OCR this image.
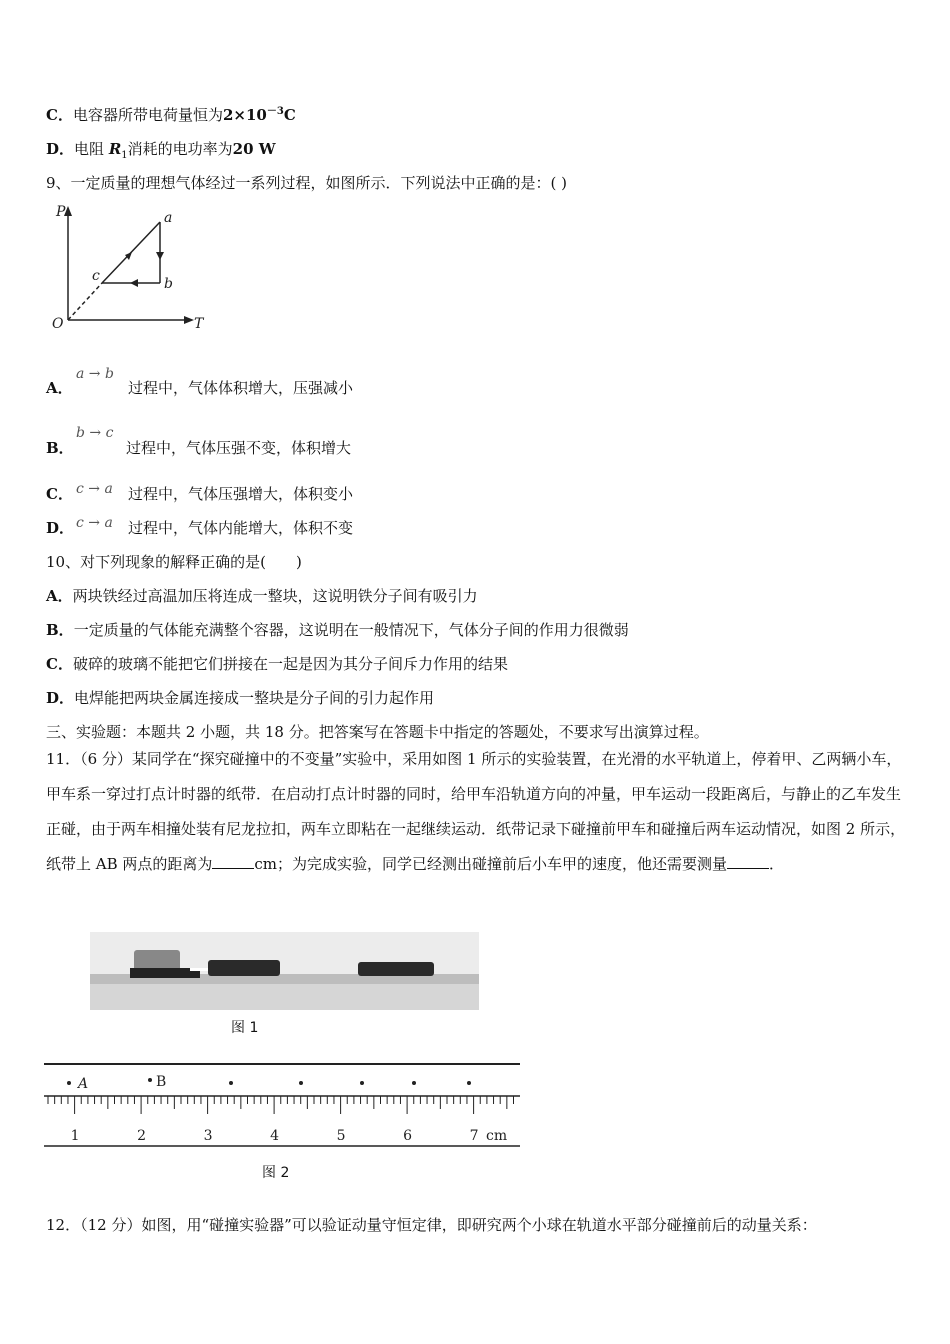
C．电容器所带电荷量恒为$2\times 10^{-3}C$
D．电阻 $R_1$消耗的电功率为20 W
9、一定质量的理想气体经过一系列过程，如图所示．下列说法中正确的是：( )
P
T
O
a
b
c
A．
a → b
过程中，气体体积增大，压强减小
B．
b → c
过程中，气体压强不变，体积增大
C． c → a 过程中，气体压强增大，体积变小
D． c → a 过程中，气体内能增大，体积不变
10、对下列现象的解释正确的是(　　)
A．两块铁经过高温加压将连成一整块，这说明铁分子间有吸引力
B．一定质量的气体能充满整个容器，这说明在一般情况下，气体分子间的作用力很微弱
C．破碎的玻璃不能把它们拼接在一起是因为其分子间斥力作用的结果
D．电焊能把两块金属连接成一整块是分子间的引力起作用
三、实验题：本题共 2 小题，共 18 分。把答案写在答题卡中指定的答题处，不要求写出演算过程。
11．（6 分）某同学在“探究碰撞中的不变量”实验中，采用如图 1 所示的实验装置，在光滑的水平轨道上，停着甲、乙两辆小车，甲车系一穿过打点计时器的纸带．在启动打点计时器的同时，给甲车沿轨道方向的冲量，甲车运动一段距离后，与静止的乙车发生正碰，由于两车相撞处装有尼龙拉扣，两车立即粘在一起继续运动．纸带记录下碰撞前甲车和碰撞后两车运动情况，如图 2 所示，纸带上 AB 两点的距离为	cm；为完成实验，同学已经测出碰撞前后小车甲的速度，他还需要测量	．
图 1
A	B
1	2	3	4	5	6	7 cm
图 2
12．（12 分）如图，用“碰撞实验器”可以验证动量守恒定律，即研究两个小球在轨道水平部分碰撞前后的动量关系：
